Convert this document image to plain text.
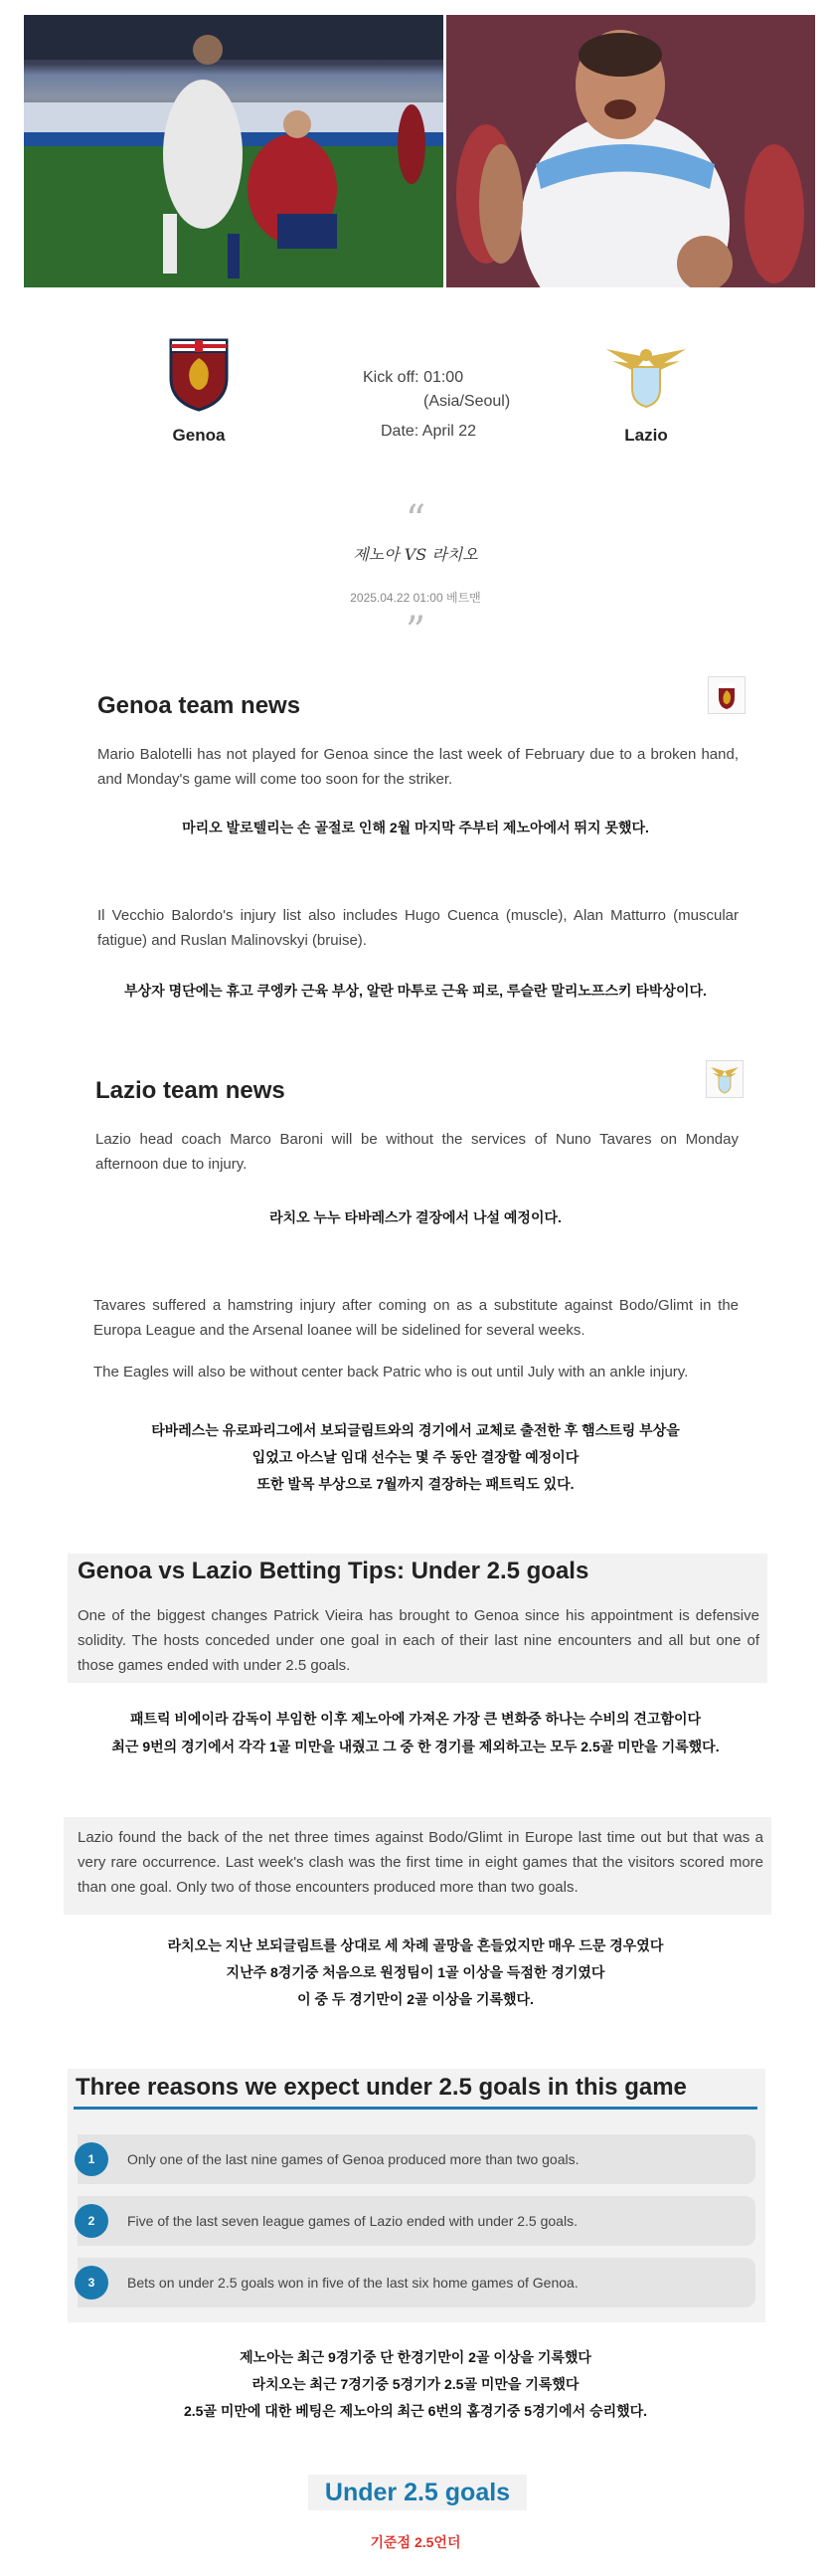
Genoa
Kick off: 01:00
(Asia/Seoul)
Date: April 22	Lazio
“
제노아 VS 라치오
2025.04.22 01:00 베트맨
”
Genoa team news
Mario Balotelli has not played for Genoa since the last week of February due to a broken hand, and Monday's game will come too soon for the striker.
마리오 발로텔리는 손 골절로 인해 2월 마지막 주부터 제노아에서 뛰지 못했다.
Il Vecchio Balordo's injury list also includes Hugo Cuenca (muscle), Alan Matturro (muscular fatigue) and Ruslan Malinovskyi (bruise).
부상자 명단에는 휴고 쿠엥카 근육 부상, 알란 마투로 근육 피로, 루슬란 말리노프스키 타박상이다.
Lazio team news
Lazio head coach Marco Baroni will be without the services of Nuno Tavares on Monday afternoon due to injury.
라치오 누누 타바레스가 결장에서 나설 예정이다.
Tavares suffered a hamstring injury after coming on as a substitute against Bodo/Glimt in the Europa League and the Arsenal loanee will be sidelined for several weeks.
The Eagles will also be without center back Patric who is out until July with an ankle injury.
타바레스는 유로파리그에서 보되글림트와의 경기에서 교체로 출전한 후 햄스트링 부상을
입었고 아스날 임대 선수는 몇 주 동안 결장할 예정이다
또한 발목 부상으로 7월까지 결장하는 패트릭도 있다.
Genoa vs Lazio Betting Tips: Under 2.5 goals
One of the biggest changes Patrick Vieira has brought to Genoa since his appointment is defensive solidity. The hosts conceded under one goal in each of their last nine encounters and all but one of those games ended with under 2.5 goals.
패트릭 비에이라 감독이 부임한 이후 제노아에 가져온 가장 큰 변화중 하나는 수비의 견고함이다
최근 9번의 경기에서 각각 1골 미만을 내줬고 그 중 한 경기를 제외하고는 모두 2.5골 미만을 기록했다.
Lazio found the back of the net three times against Bodo/Glimt in Europe last time out but that was a very rare occurrence. Last week's clash was the first time in eight games that the visitors scored more than one goal. Only two of those encounters produced more than two goals.
라치오는 지난 보되글림트를 상대로 세 차례 골망을 흔들었지만 매우 드문 경우였다
지난주 8경기중 처음으로 원정팀이 1골 이상을 득점한 경기였다
이 중 두 경기만이 2골 이상을 기록했다.
Three reasons we expect under 2.5 goals in this game
Only one of the last nine games of Genoa produced more than two goals.
1
Five of the last seven league games of Lazio ended with under 2.5 goals.
2
Bets on under 2.5 goals won in five of the last six home games of Genoa.
3
제노아는 최근 9경기중 단 한경기만이 2골 이상을 기록했다
라치오는 최근 7경기중 5경기가 2.5골 미만을 기록했다
2.5골 미만에 대한 베팅은 제노아의 최근 6번의 홈경기중 5경기에서 승리했다.
Under 2.5 goals
기준점 2.5언더
